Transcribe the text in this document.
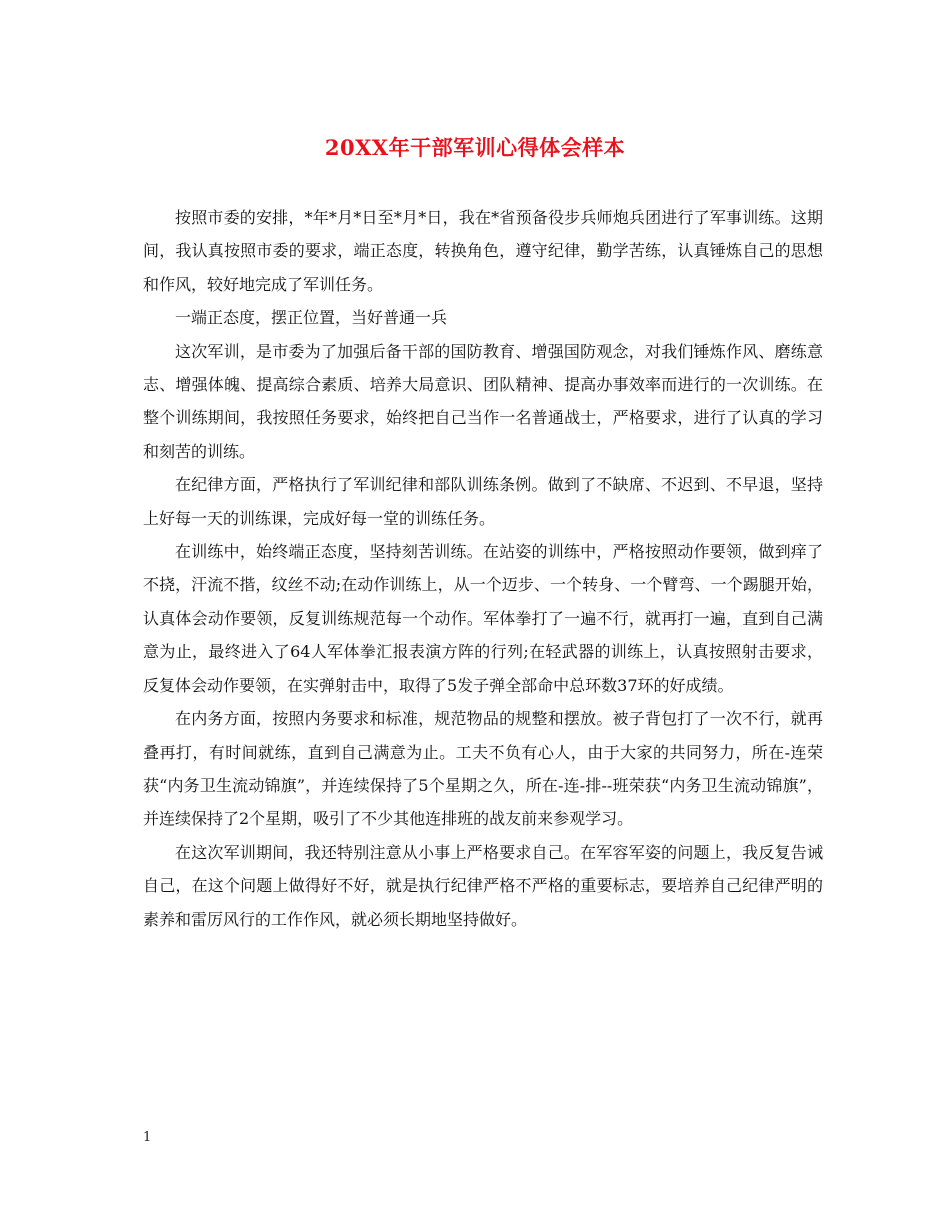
20XX年干部军训心得体会样本

按照市委的安排，*年*月*日至*月*日，我在*省预备役步兵师炮兵团进行了军事训练。这期间，我认真按照市委的要求，端正态度，转换角色，遵守纪律，勤学苦练，认真锤炼自己的思想和作风，较好地完成了军训任务。

一端正态度，摆正位置，当好普通一兵

这次军训，是市委为了加强后备干部的国防教育、增强国防观念，对我们锤炼作风、磨练意志、增强体魄、提高综合素质、培养大局意识、团队精神、提高办事效率而进行的一次训练。在整个训练期间，我按照任务要求，始终把自己当作一名普通战士，严格要求，进行了认真的学习和刻苦的训练。

在纪律方面，严格执行了军训纪律和部队训练条例。做到了不缺席、不迟到、不早退，坚持上好每一天的训练课，完成好每一堂的训练任务。

在训练中，始终端正态度，坚持刻苦训练。在站姿的训练中，严格按照动作要领，做到痒了不挠，汗流不揩，纹丝不动;在动作训练上，从一个迈步、一个转身、一个臂弯、一个踢腿开始，认真体会动作要领，反复训练规范每一个动作。军体拳打了一遍不行，就再打一遍，直到自己满意为止，最终进入了64人军体拳汇报表演方阵的行列;在轻武器的训练上，认真按照射击要求，反复体会动作要领，在实弹射击中，取得了5发子弹全部命中总环数37环的好成绩。

在内务方面，按照内务要求和标准，规范物品的规整和摆放。被子背包打了一次不行，就再叠再打，有时间就练，直到自己满意为止。工夫不负有心人，由于大家的共同努力，所在-连荣获“内务卫生流动锦旗”，并连续保持了5个星期之久，所在-连-排--班荣获“内务卫生流动锦旗”，并连续保持了2个星期，吸引了不少其他连排班的战友前来参观学习。

在这次军训期间，我还特别注意从小事上严格要求自己。在军容军姿的问题上，我反复告诫自己，在这个问题上做得好不好，就是执行纪律严格不严格的重要标志，要培养自己纪律严明的素养和雷厉风行的工作作风，就必须长期地坚持做好。

1
